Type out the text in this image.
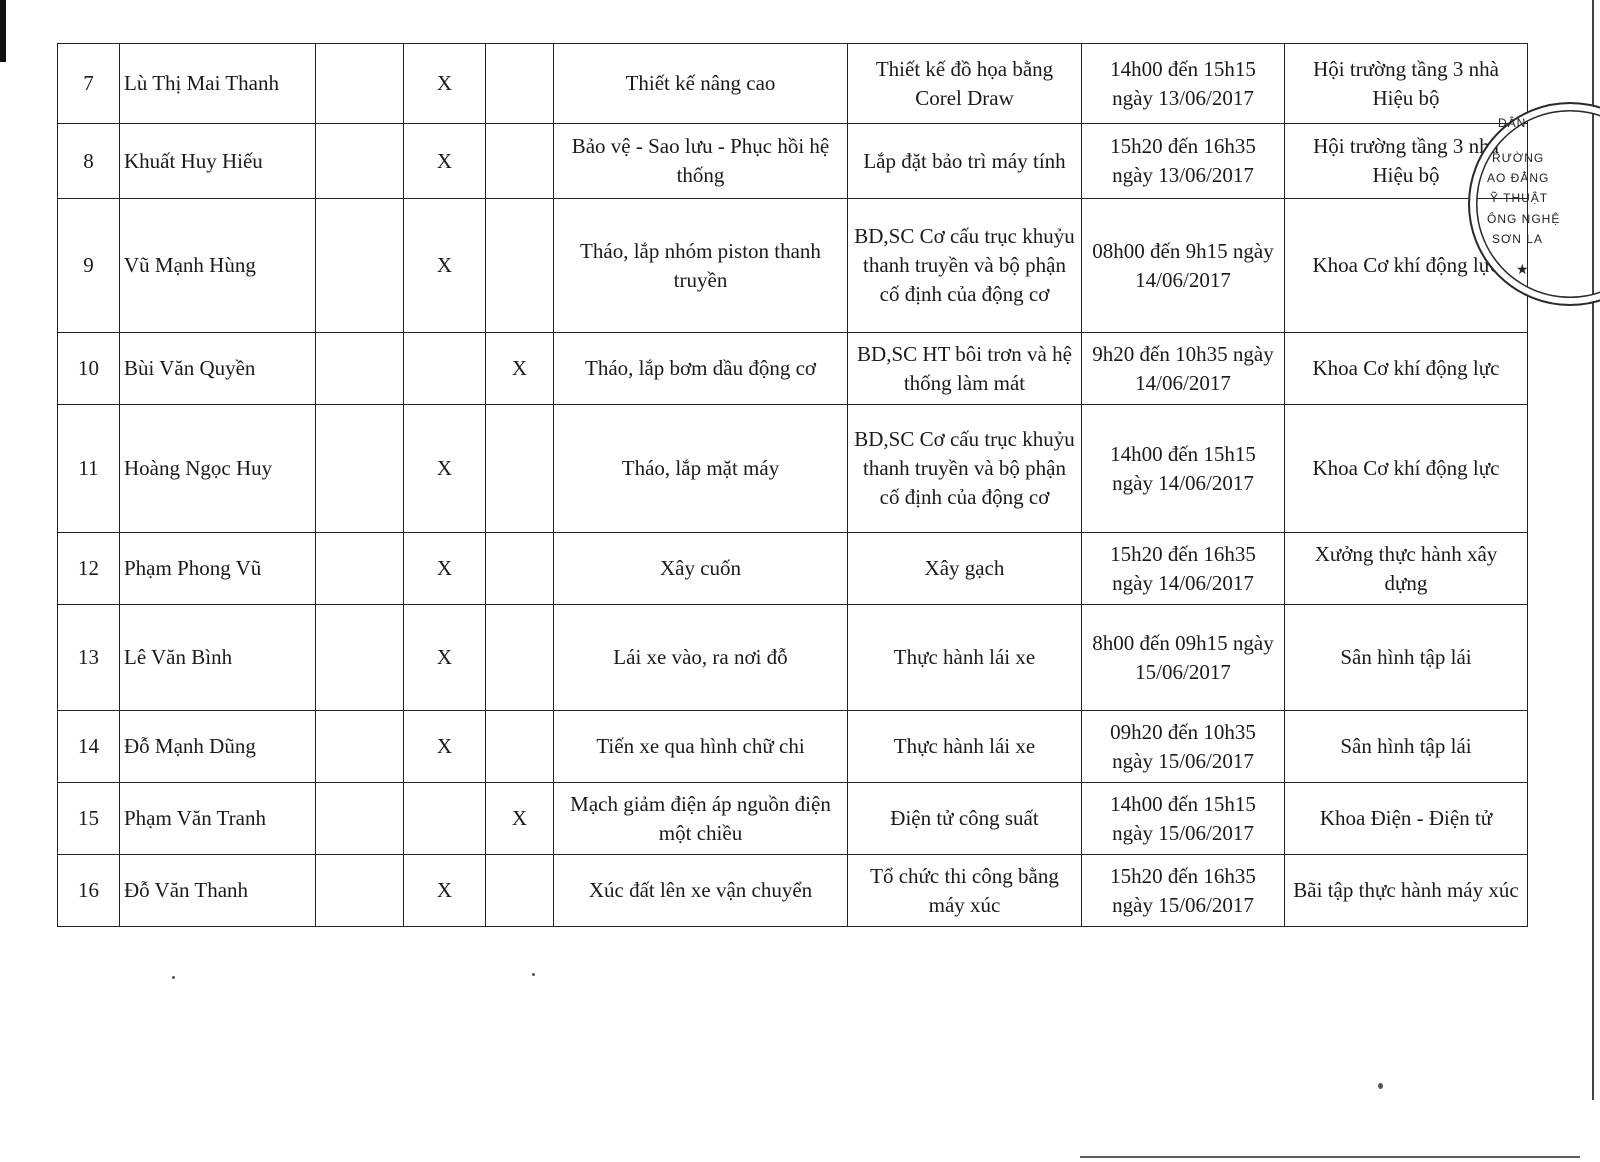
7	Lù Thị Mai Thanh		X		Thiết kế nâng cao	Thiết kế đồ họa bằng Corel Draw	14h00 đến 15h15 ngày 13/06/2017	Hội trường tầng 3 nhà Hiệu bộ
8	Khuất Huy Hiếu		X		Bảo vệ - Sao lưu - Phục hồi hệ thống	Lắp đặt bảo trì máy tính	15h20 đến 16h35 ngày 13/06/2017	Hội trường tầng 3 nhà Hiệu bộ
9	Vũ Mạnh Hùng		X		Tháo, lắp nhóm piston thanh truyền	BD,SC Cơ cấu trục khuỷu thanh truyền và bộ phận cố định của động cơ	08h00 đến 9h15 ngày 14/06/2017	Khoa Cơ khí động lực
10	Bùi Văn Quyền			X	Tháo, lắp bơm dầu động cơ	BD,SC HT bôi trơn và hệ thống làm mát	9h20 đến 10h35 ngày 14/06/2017	Khoa Cơ khí động lực
11	Hoàng Ngọc Huy		X		Tháo, lắp mặt máy	BD,SC Cơ cấu trục khuỷu thanh truyền và bộ phận cố định của động cơ	14h00 đến 15h15 ngày 14/06/2017	Khoa Cơ khí động lực
12	Phạm Phong Vũ		X		Xây cuốn	Xây gạch	15h20 đến 16h35 ngày 14/06/2017	Xưởng thực hành xây dựng
13	Lê Văn Bình		X		Lái xe vào, ra nơi đỗ	Thực hành lái xe	8h00 đến 09h15 ngày 15/06/2017	Sân hình tập lái
14	Đỗ Mạnh Dũng		X		Tiến xe qua hình chữ chi	Thực hành lái xe	09h20 đến 10h35 ngày 15/06/2017	Sân hình tập lái
15	Phạm Văn Tranh			X	Mạch giảm điện áp nguồn điện một chiều	Điện tử công suất	14h00 đến 15h15 ngày 15/06/2017	Khoa Điện - Điện tử
16	Đỗ Văn Thanh		X		Xúc đất lên xe vận chuyển	Tổ chức thi công bằng máy xúc	15h20 đến 16h35 ngày 15/06/2017	Bãi tập thực hành máy xúc
DÂN
RƯỜNG
AO ĐẲNG
Ỹ THUẬT
ÔNG NGHỆ
SƠN LA
★
